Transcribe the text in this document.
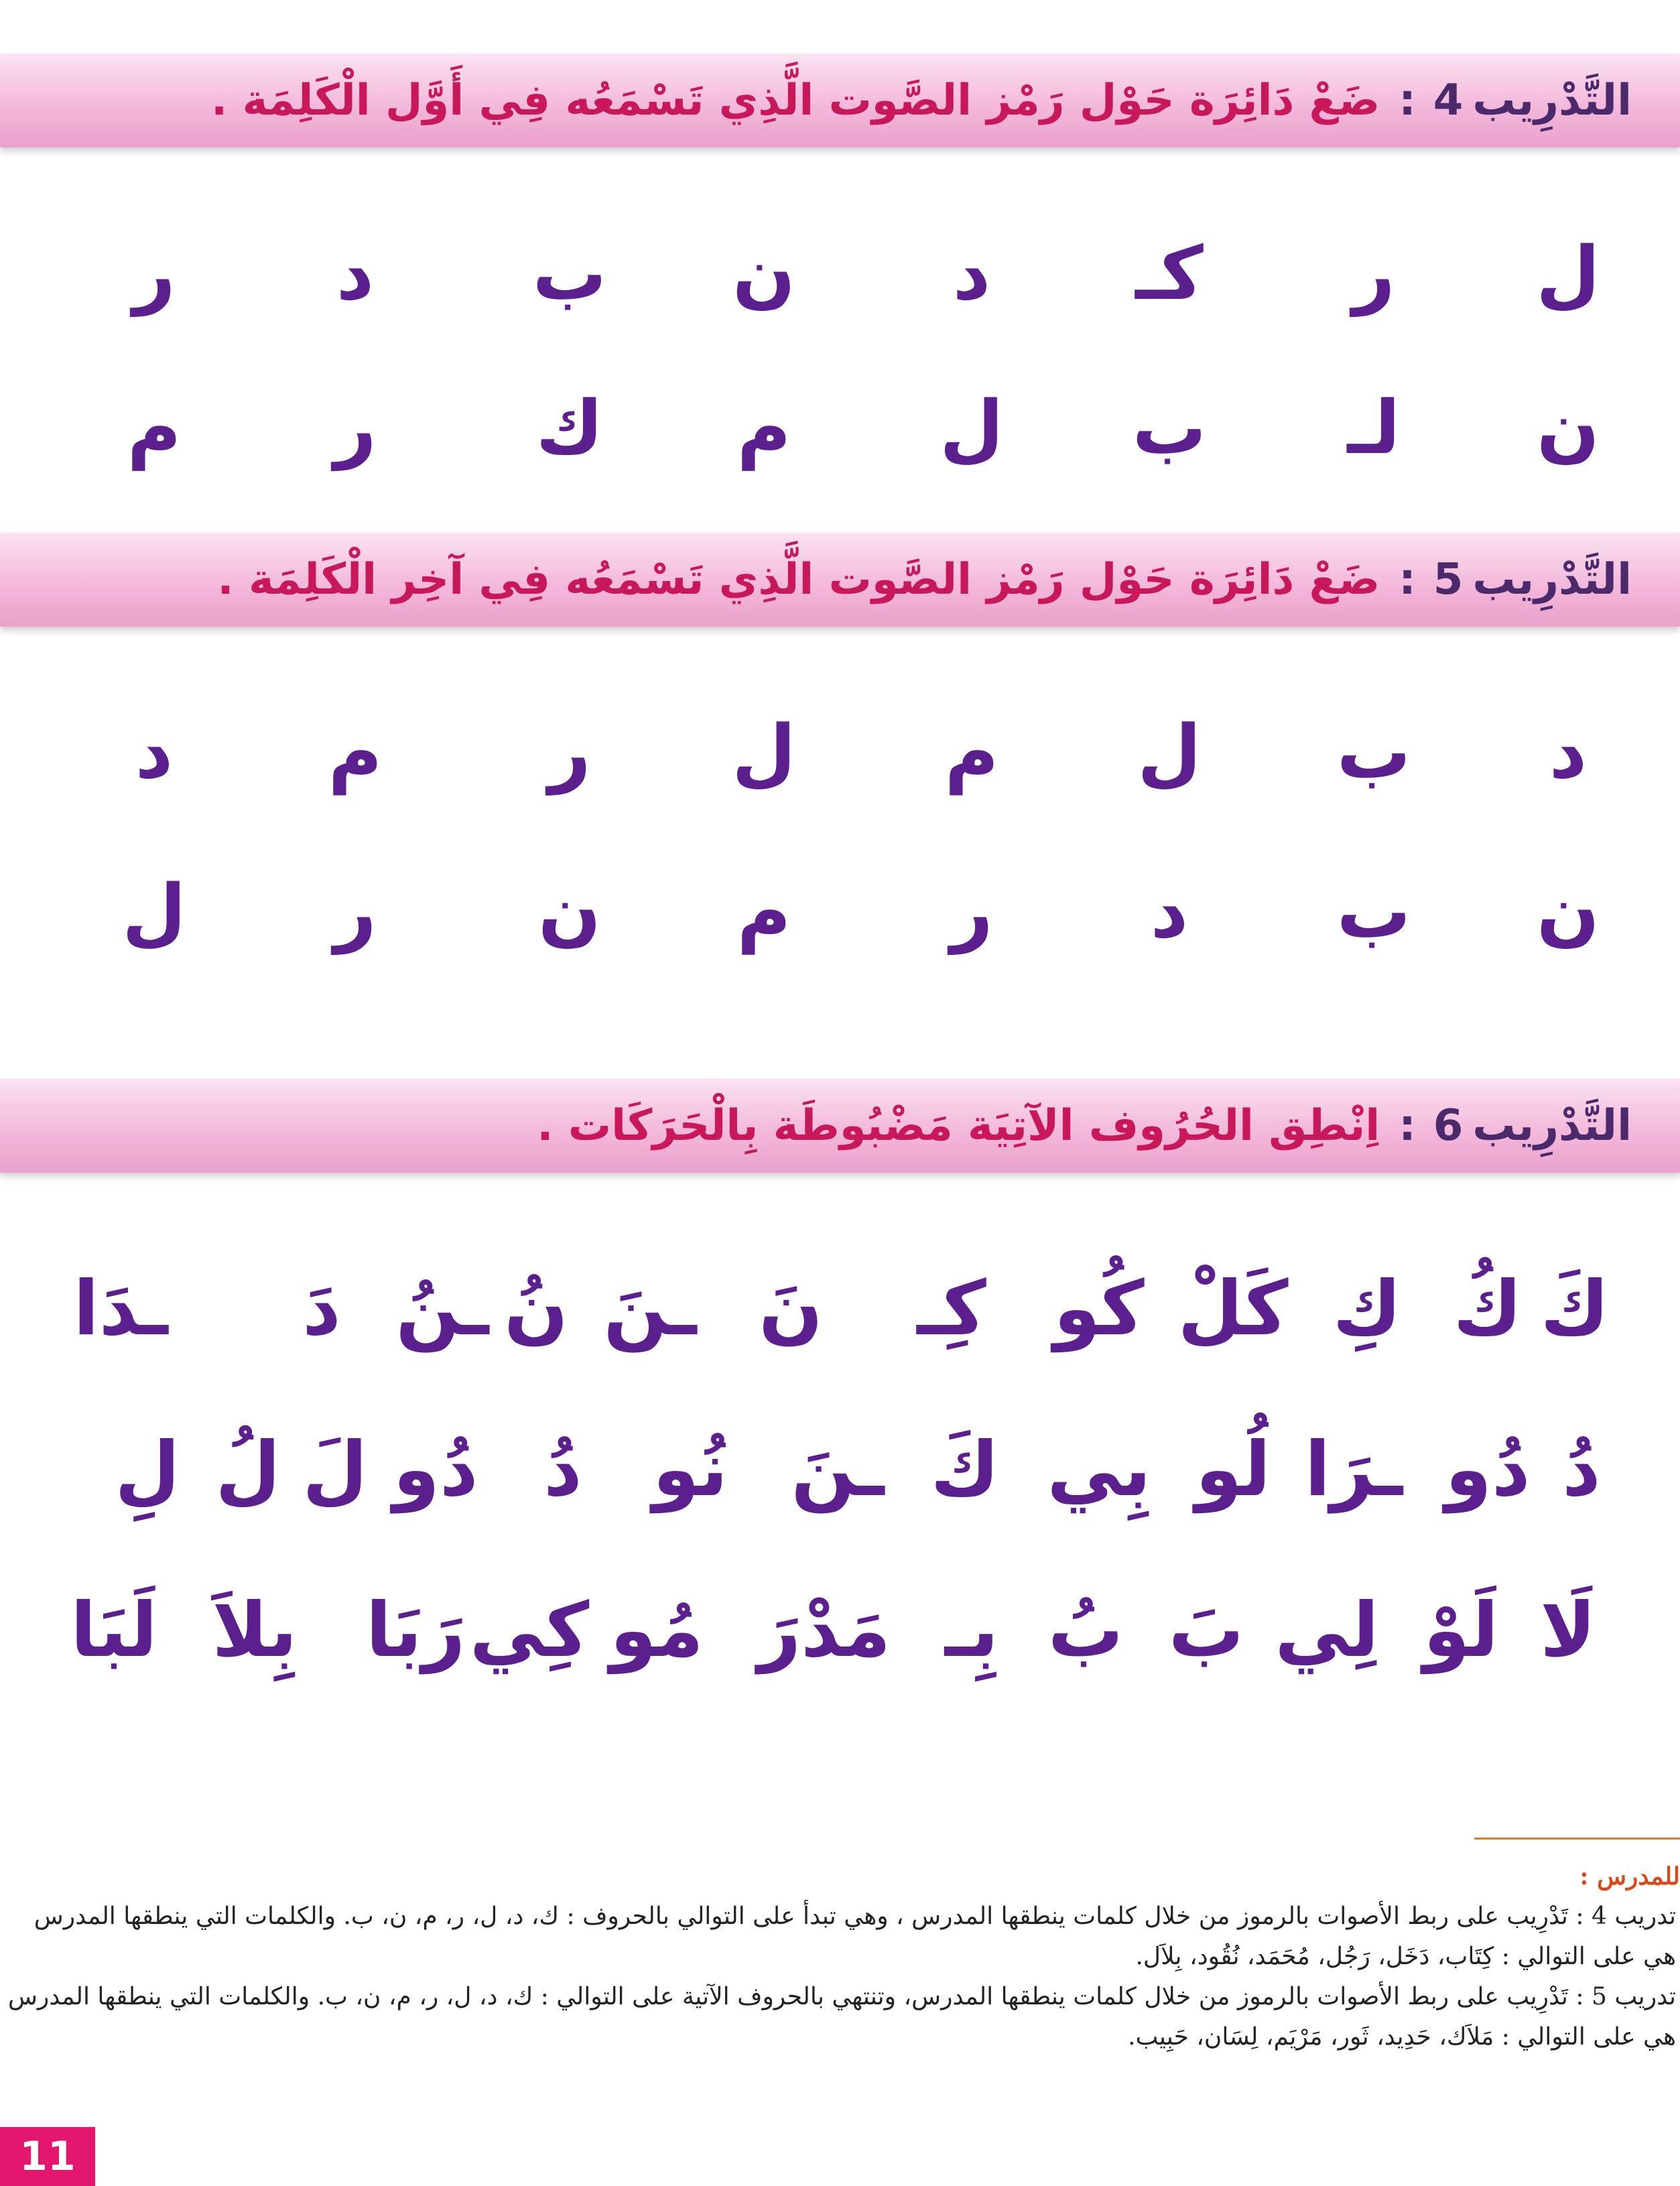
التَّدْرِيب
4
:
ضَعْ دَائِرَة حَوْل رَمْز الصَّوت الَّذِي تَسْمَعُه فِي أَوَّل الْكَلِمَة .
ل
ر
كـ
د
ن
ب
د
ر
ن
لـ
ب
ل
م
ك
ر
م
التَّدْرِيب
5
:
ضَعْ دَائِرَة حَوْل رَمْز الصَّوت الَّذِي تَسْمَعُه فِي آخِر الْكَلِمَة .
د
ب
ل
م
ل
ر
م
د
ن
ب
د
ر
م
ن
ر
ل
التَّدْرِيب
6
:
اِنْطِق الحُرُوف الآتِيَة مَضْبُوطَة بِالْحَرَكَات .
كَ
كُ
كِ
كَلْ
كُو
كِـ
نَ
ـنَ
نُ
ـنُ
دَ
ـدَا
دُ
دُو
ـرَا
لُو
بِي
كَ
ـنَ
نُو
دُ
دُو
لَ
لُ
لِ
لَا
لَوْ
لِي
بَ
بُ
بِـ
مَدْرَ
مُو
كِي
رَبَا
بِلاَ
لَبَا

للمدرس :

تدريب 4 : تَدْرِيب على ربط الأصوات بالرموز من خلال كلمات ينطقها المدرس ، وهي تبدأ على التوالي بالحروف : ك، د، ل، ر، م، ن، ب. والكلمات التي ينطقها المدرس هي على التوالي : كِتَاب، دَخَل، رَجُل، مُحَمَد، نُقُود، بِلاَل.

تدريب 5 : تَدْرِيب على ربط الأصوات بالرموز من خلال كلمات ينطقها المدرس، وتنتهي بالحروف الآتية على التوالي : ك، د، ل، ر، م، ن، ب. والكلمات التي ينطقها المدرس هي على التوالي : مَلاَك، حَدِيد، ثَور، مَرْيَم، لِسَان، حَبِيب.

11
